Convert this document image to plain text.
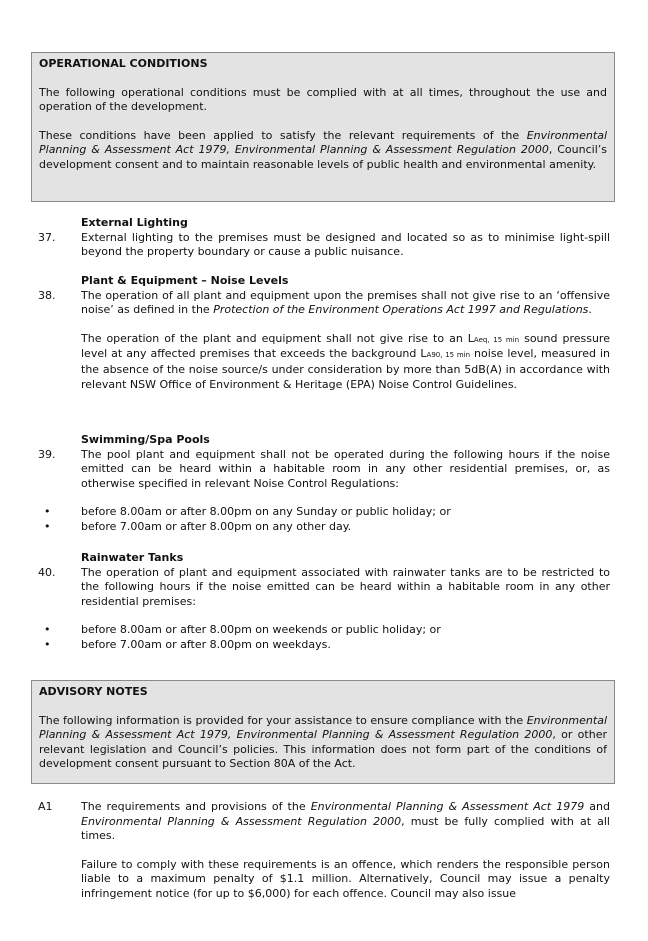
OPERATIONAL CONDITIONS

The following operational conditions must be complied with at all times, throughout the use and operation of the development.

These conditions have been applied to satisfy the relevant requirements of the Environmental Planning & Assessment Act 1979, Environmental Planning & Assessment Regulation 2000, Council’s development consent and to maintain reasonable levels of public health and environmental amenity.

External Lighting
37.	External lighting to the premises must be designed and located so as to minimise light-spill beyond the property boundary or cause a public nuisance.
Plant & Equipment – Noise Levels
38.	The operation of all plant and equipment upon the premises shall not give rise to an ‘offensive noise’ as defined in the Protection of the Environment Operations Act 1997 and Regulations.

The operation of the plant and equipment shall not give rise to an LAeq, 15 min sound pressure level at any affected premises that exceeds the background LA90, 15 min noise level, measured in the absence of the noise source/s under consideration by more than 5dB(A) in accordance with relevant NSW Office of Environment & Heritage (EPA) Noise Control Guidelines.

Swimming/Spa Pools
39.	The pool plant and equipment shall not be operated during the following hours if the noise emitted can be heard within a habitable room in any other residential premises, or, as otherwise specified in relevant Noise Control Regulations:
•	before 8.00am or after 8.00pm on any Sunday or public holiday; or
•	before 7.00am or after 8.00pm on any other day.
Rainwater Tanks
40.	The operation of plant and equipment associated with rainwater tanks are to be restricted to the following hours if the noise emitted can be heard within a habitable room in any other residential premises:
•	before 8.00am or after 8.00pm on weekends or public holiday; or
•	before 7.00am or after 8.00pm on weekdays.
ADVISORY NOTES

The following information is provided for your assistance to ensure compliance with the Environmental Planning & Assessment Act 1979, Environmental Planning & Assessment Regulation 2000, or other relevant legislation and Council’s policies. This information does not form part of the conditions of development consent pursuant to Section 80A of the Act.

A1	The requirements and provisions of the Environmental Planning & Assessment Act 1979 and Environmental Planning & Assessment Regulation 2000, must be fully complied with at all times.

Failure to comply with these requirements is an offence, which renders the responsible person liable to a maximum penalty of $1.1 million. Alternatively, Council may issue a penalty infringement notice (for up to $6,000) for each offence. Council may also issue
